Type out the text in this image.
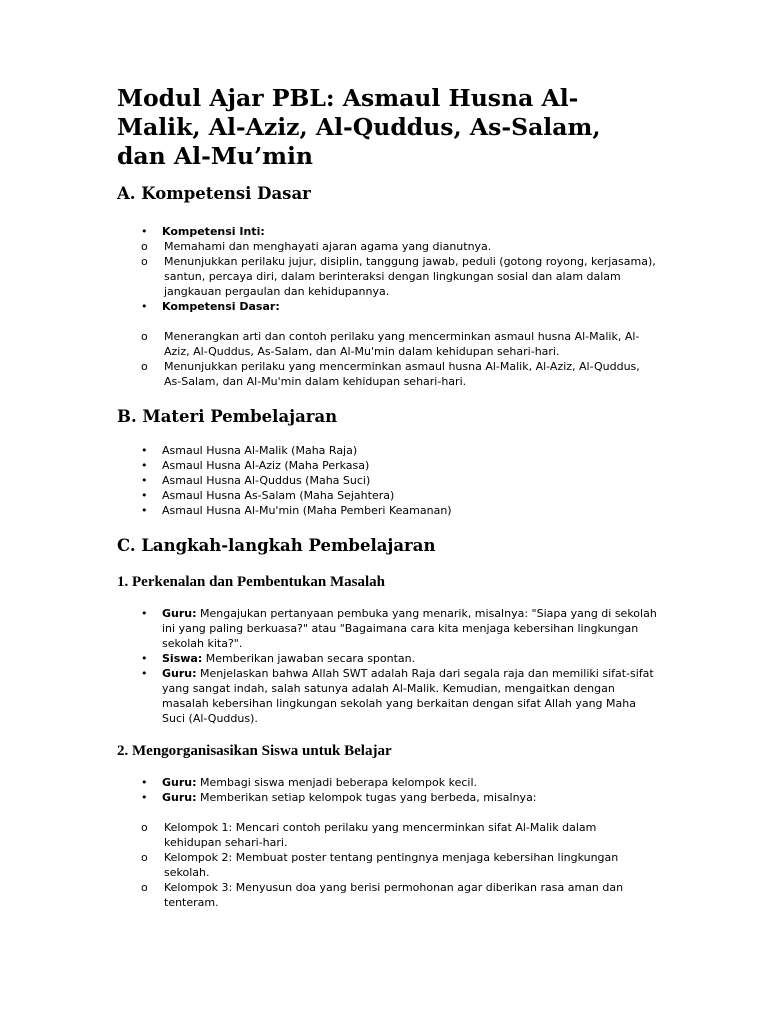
Modul Ajar PBL: Asmaul Husna Al-Malik, Al-Aziz, Al-Quddus, As-Salam, dan Al-Mu’min
A. Kompetensi Dasar
• Kompetensi Inti:
o Memahami dan menghayati ajaran agama yang dianutnya.
o Menunjukkan perilaku jujur, disiplin, tanggung jawab, peduli (gotong royong, kerjasama), santun, percaya diri, dalam berinteraksi dengan lingkungan sosial dan alam dalam jangkauan pergaulan dan kehidupannya.
• Kompetensi Dasar:
o Menerangkan arti dan contoh perilaku yang mencerminkan asmaul husna Al-Malik, Al-Aziz, Al-Quddus, As-Salam, dan Al-Mu'min dalam kehidupan sehari-hari.
o Menunjukkan perilaku yang mencerminkan asmaul husna Al-Malik, Al-Aziz, Al-Quddus, As-Salam, dan Al-Mu'min dalam kehidupan sehari-hari.
B. Materi Pembelajaran
• Asmaul Husna Al-Malik (Maha Raja)
• Asmaul Husna Al-Aziz (Maha Perkasa)
• Asmaul Husna Al-Quddus (Maha Suci)
• Asmaul Husna As-Salam (Maha Sejahtera)
• Asmaul Husna Al-Mu'min (Maha Pemberi Keamanan)
C. Langkah-langkah Pembelajaran
1. Perkenalan dan Pembentukan Masalah
• Guru: Mengajukan pertanyaan pembuka yang menarik, misalnya: "Siapa yang di sekolah ini yang paling berkuasa?" atau "Bagaimana cara kita menjaga kebersihan lingkungan sekolah kita?".
• Siswa: Memberikan jawaban secara spontan.
• Guru: Menjelaskan bahwa Allah SWT adalah Raja dari segala raja dan memiliki sifat-sifat yang sangat indah, salah satunya adalah Al-Malik. Kemudian, mengaitkan dengan masalah kebersihan lingkungan sekolah yang berkaitan dengan sifat Allah yang Maha Suci (Al-Quddus).
2. Mengorganisasikan Siswa untuk Belajar
• Guru: Membagi siswa menjadi beberapa kelompok kecil.
• Guru: Memberikan setiap kelompok tugas yang berbeda, misalnya:
o Kelompok 1: Mencari contoh perilaku yang mencerminkan sifat Al-Malik dalam kehidupan sehari-hari.
o Kelompok 2: Membuat poster tentang pentingnya menjaga kebersihan lingkungan sekolah.
o Kelompok 3: Menyusun doa yang berisi permohonan agar diberikan rasa aman dan tenteram.
